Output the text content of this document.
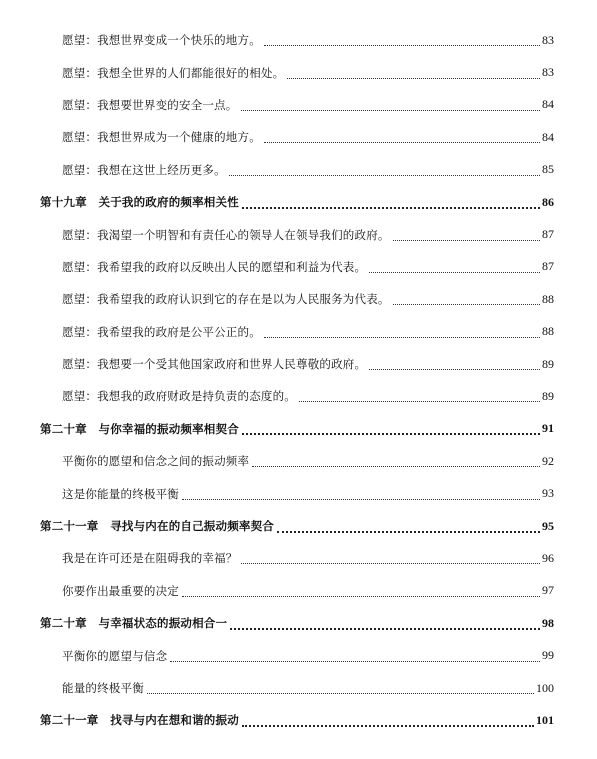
愿望：我想世界变成一个快乐的地方。	83
愿望：我想全世界的人们都能很好的相处。	83
愿望：我想要世界变的安全一点。	84
愿望：我想世界成为一个健康的地方。	84
愿望：我想在这世上经历更多。	85
第十九章　关于我的政府的频率相关性	86
愿望：我渴望一个明智和有责任心的领导人在领导我们的政府。	87
愿望：我希望我的政府以反映出人民的愿望和利益为代表。	87
愿望：我希望我的政府认识到它的存在是以为人民服务为代表。	88
愿望：我希望我的政府是公平公正的。	88
愿望：我想要一个受其他国家政府和世界人民尊敬的政府。	89
愿望：我想我的政府财政是持负责的态度的。	89
第二十章　与你幸福的振动频率相契合	91
平衡你的愿望和信念之间的振动频率	92
这是你能量的终极平衡	93
第二十一章　寻找与内在的自己振动频率契合	95
我是在许可还是在阻碍我的幸福？	96
你要作出最重要的决定	97
第二十章　与幸福状态的振动相合一	98
平衡你的愿望与信念	99
能量的终极平衡	100
第二十一章　找寻与内在想和谐的振动	101
